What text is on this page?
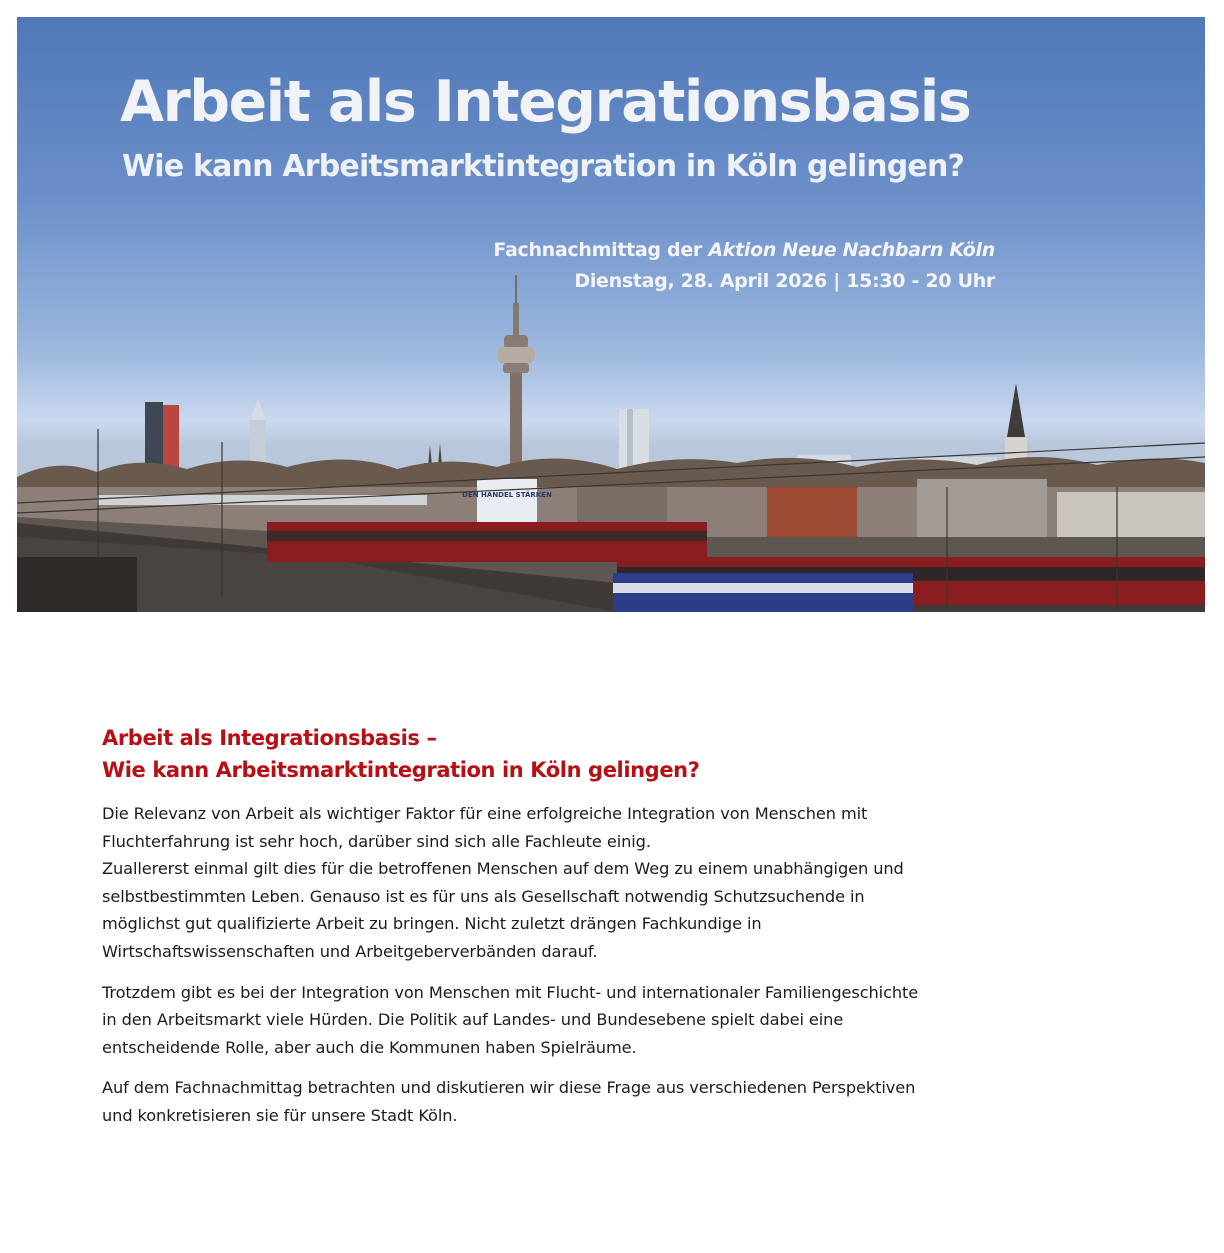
DEN HANDEL STÄRKEN
Arbeit als Integrationsbasis
Wie kann Arbeitsmarktintegration in Köln gelingen?
Fachnachmittag der Aktion Neue Nachbarn Köln
Dienstag, 28. April 2026 | 15:30 - 20 Uhr
Arbeit als Integrationsbasis –
Wie kann Arbeitsmarktintegration in Köln gelingen?

Die Relevanz von Arbeit als wichtiger Faktor für eine erfolgreiche Integration von Menschen mit
Fluchterfahrung ist sehr hoch, darüber sind sich alle Fachleute einig.
Zuallererst einmal gilt dies für die betroffenen Menschen auf dem Weg zu einem unabhängigen und
selbstbestimmten Leben. Genauso ist es für uns als Gesellschaft notwendig Schutzsuchende in
möglichst gut qualifizierte Arbeit zu bringen. Nicht zuletzt drängen Fachkundige in
Wirtschaftswissenschaften und Arbeitgeberverbänden darauf.

Trotzdem gibt es bei der Integration von Menschen mit Flucht- und internationaler Familiengeschichte
in den Arbeitsmarkt viele Hürden. Die Politik auf Landes- und Bundesebene spielt dabei eine
entscheidende Rolle, aber auch die Kommunen haben Spielräume.

Auf dem Fachnachmittag betrachten und diskutieren wir diese Frage aus verschiedenen Perspektiven
und konkretisieren sie für unsere Stadt Köln.
